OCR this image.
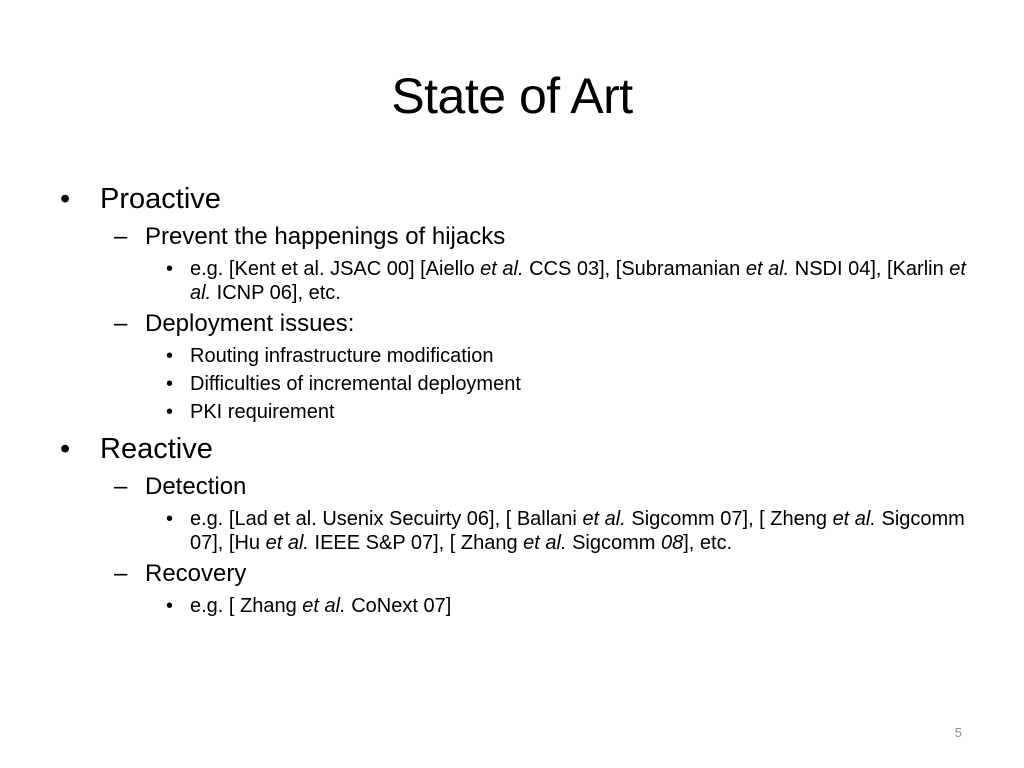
State of Art
• Proactive
– Prevent the happenings of hijacks
• e.g. [Kent et al. JSAC 00] [Aiello et al. CCS 03], [Subramanian et al. NSDI 04], [Karlin et al. ICNP 06], etc.
– Deployment issues:
• Routing infrastructure modification
• Difficulties of incremental deployment
• PKI requirement
• Reactive
– Detection
• e.g. [Lad et al. Usenix Secuirty 06], [ Ballani et al. Sigcomm 07], [ Zheng et al. Sigcomm 07], [Hu et al. IEEE S&P 07], [ Zhang et al. Sigcomm 08], etc.
– Recovery
• e.g. [ Zhang et al. CoNext 07]
5
